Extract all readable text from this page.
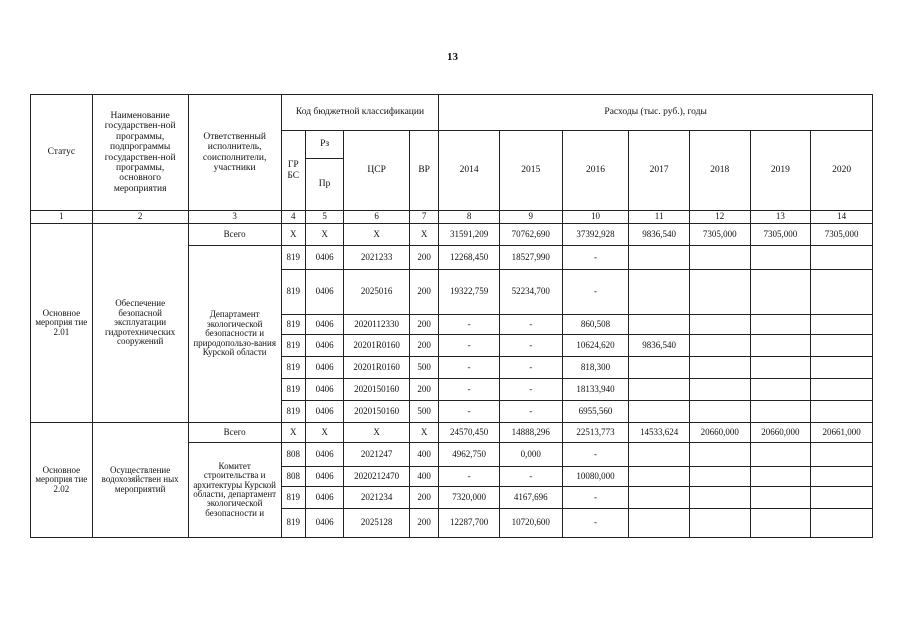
13
Статус	Наименование государствен-ной программы, подпрограммы государствен-ной программы, основного мероприятия	Ответственный исполнитель, соисполнители, участники	Код бюджетной классификации				Расходы (тыс. руб.), годы						
			ГР БС	Рз	ЦСР	ВР	2014	2015	2016	2017	2018	2019	2020
				Пр									
1	2	3	4	5	6	7	8	9	10	11	12	13	14
Основное мероприя тие 2.01	Обеспечение безопасной эксплуатации гидротехнических сооружений	Всего	Х	Х	Х	Х	31591,209	70762,690	37392,928	9836,540	7305,000	7305,000	7305,000
		Департамент экологической безопасности и природопользо-вания Курской области	819	0406	2021233	200	12268,450	18527,990	-				
			819	0406	2025016	200	19322,759	52234,700	-				
			819	0406	2020112330	200	-	-	860,508				
			819	0406	20201R0160	200	-	-	10624,620	9836,540			
			819	0406	20201R0160	500	-	-	818,300				
			819	0406	2020150160	200	-	-	18133,940				
			819	0406	2020150160	500	-	-	6955,560				
Основное мероприя тие 2.02	Осуществление водохозяйствен ных мероприятий	Всего	Х	Х	Х	Х	24570,450	14888,296	22513,773	14533,624	20660,000	20660,000	20661,000
		Комитет строительства и архитектуры Курской области, департамент экологической безопасности и	808	0406	2021247	400	4962,750	0,000	-				
			808	0406	2020212470	400	-	-	10080,000				
			819	0406	2021234	200	7320,000	4167,696	-				
			819	0406	2025128	200	12287,700	10720,600	-				
